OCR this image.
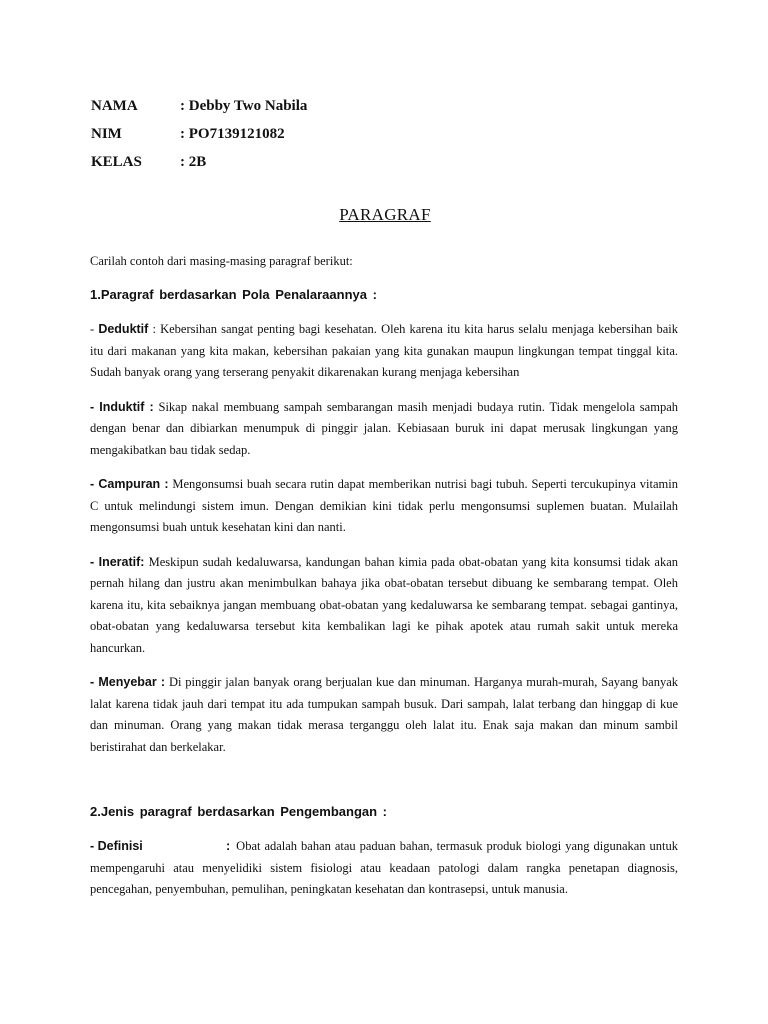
NAMA	: Debby Two Nabila
NIM	: PO7139121082
KELAS	: 2B
PARAGRAF

Carilah contoh dari masing-masing paragraf berikut:

1.Paragraf berdasarkan Pola Penalaraannya :

- Deduktif : Kebersihan sangat penting bagi kesehatan. Oleh karena itu kita harus selalu menjaga kebersihan baik itu dari makanan yang kita makan, kebersihan pakaian yang kita gunakan maupun lingkungan tempat tinggal kita. Sudah banyak orang yang terserang penyakit dikarenakan kurang menjaga kebersihan

- Induktif : Sikap nakal membuang sampah sembarangan masih menjadi budaya rutin. Tidak mengelola sampah dengan benar dan dibiarkan menumpuk di pinggir jalan. Kebiasaan buruk ini dapat merusak lingkungan yang mengakibatkan bau tidak sedap.

- Campuran : Mengonsumsi buah secara rutin dapat memberikan nutrisi bagi tubuh. Seperti tercukupinya vitamin C untuk melindungi sistem imun. Dengan demikian kini tidak perlu mengonsumsi suplemen buatan. Mulailah mengonsumsi buah untuk kesehatan kini dan nanti.

- Ineratif: Meskipun sudah kedaluwarsa, kandungan bahan kimia pada obat-obatan yang kita konsumsi tidak akan pernah hilang dan justru akan menimbulkan bahaya jika obat-obatan tersebut dibuang ke sembarang tempat. Oleh karena itu, kita sebaiknya jangan membuang obat-obatan yang kedaluwarsa ke sembarang tempat. sebagai gantinya, obat-obatan yang kedaluwarsa tersebut kita kembalikan lagi ke pihak apotek atau rumah sakit untuk mereka hancurkan.

- Menyebar : Di pinggir jalan banyak orang berjualan kue dan minuman. Harganya murah-murah, Sayang banyak lalat karena tidak jauh dari tempat itu ada tumpukan sampah busuk. Dari sampah, lalat terbang dan hinggap di kue dan minuman. Orang yang makan tidak merasa terganggu oleh lalat itu. Enak saja makan dan minum sambil beristirahat dan berkelakar.

2.Jenis paragraf berdasarkan Pengembangan :

- Definisi	: Obat adalah bahan atau paduan bahan, termasuk produk biologi yang digunakan untuk mempengaruhi atau menyelidiki sistem fisiologi atau keadaan patologi dalam rangka penetapan diagnosis, pencegahan, penyembuhan, pemulihan, peningkatan kesehatan dan kontrasepsi, untuk manusia.
